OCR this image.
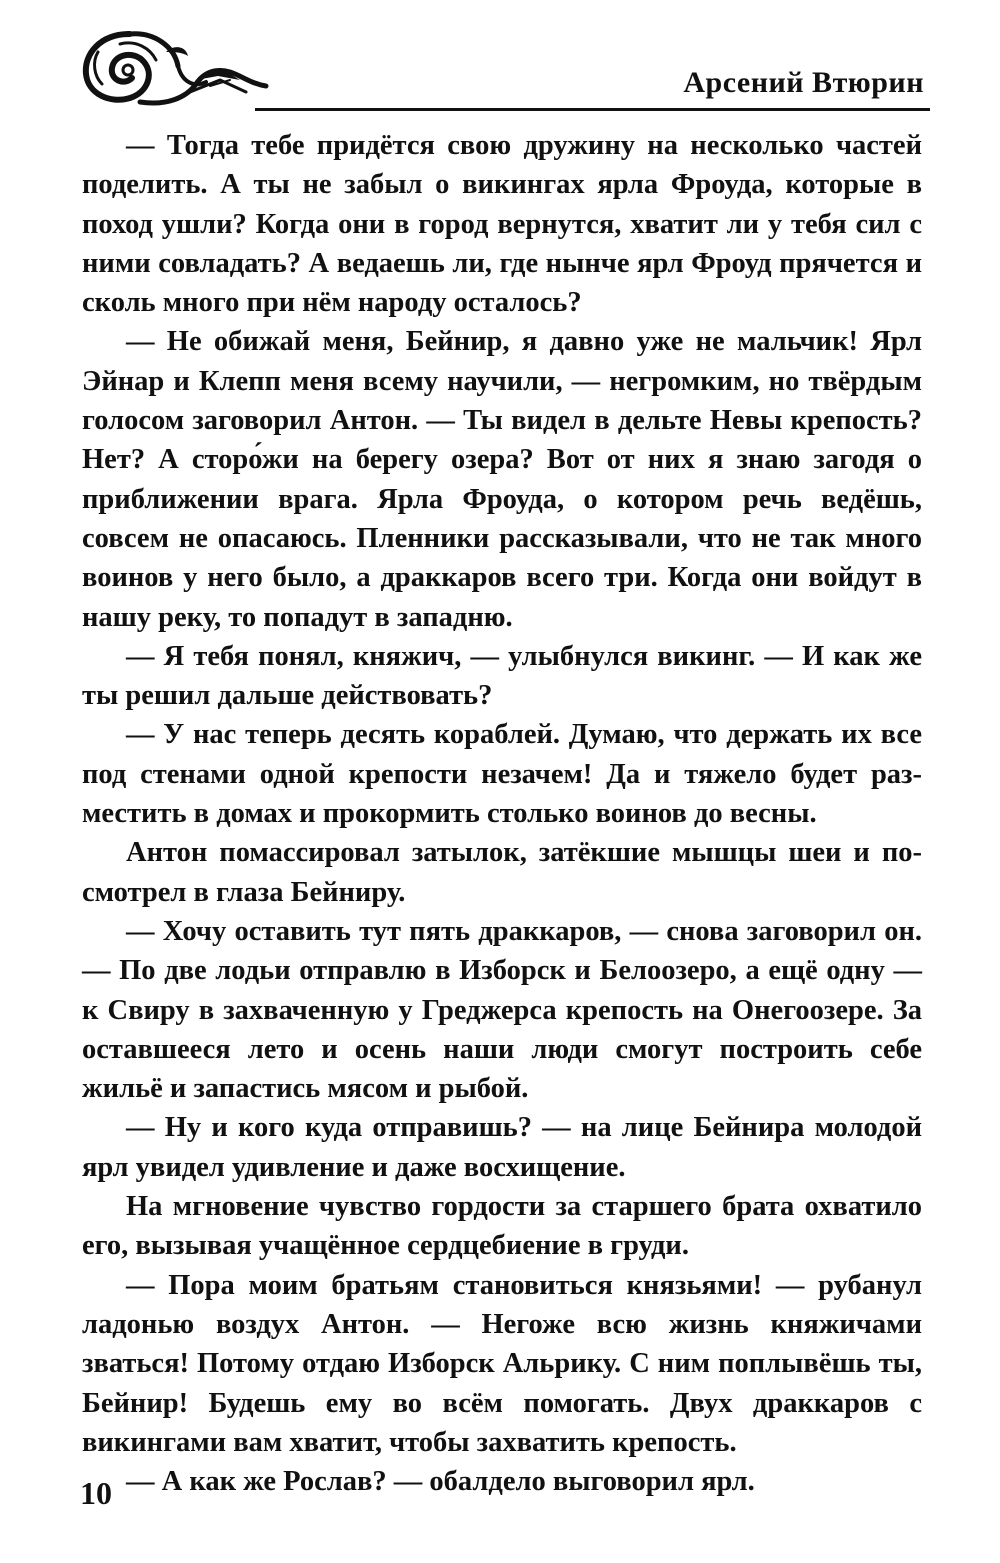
Арсений Втюрин

— Тогда тебе придётся свою дружину на несколько частей поделить. А ты не забыл о викингах ярла Фроуда, которые в поход ушли? Когда они в город вернутся, хватит ли у тебя сил с ними совладать? А ведаешь ли, где нынче ярл Фроуд прячется и сколь много при нём народу осталось?

— Не обижай меня, Бейнир, я давно уже не мальчик! Ярл Эйнар и Клепп меня всему научили, — негромким, но твёрдым голосом заговорил Антон. — Ты видел в дельте Невы крепость? Нет? А сторо́жи на берегу озера? Вот от них я знаю загодя о приближении врага. Ярла Фроуда, о котором речь ведёшь, совсем не опасаюсь. Пленники рассказывали, что не так много воинов у него было, а драккаров всего три. Когда они войдут в нашу реку, то попадут в западню.

— Я тебя понял, княжич, — улыбнулся викинг. — И как же ты решил дальше действовать?

— У нас теперь десять кораблей. Думаю, что держать их все под стенами одной крепости незачем! Да и тяжело будет разместить в домах и прокормить столько воинов до весны.

Антон помассировал затылок, затёкшие мышцы шеи и посмотрел в глаза Бейниру.

— Хочу оставить тут пять драккаров, — снова заговорил он. — По две лодьи отправлю в Изборск и Белоозеро, а ещё одну — к Свиру в захваченную у Греджерса крепость на Онегоозере. За оставшееся лето и осень наши люди смогут построить себе жильё и запастись мясом и рыбой.

— Ну и кого куда отправишь? — на лице Бейнира молодой ярл увидел удивление и даже восхищение.

На мгновение чувство гордости за старшего брата охватило его, вызывая учащённое сердцебиение в груди.

— Пора моим братьям становиться князьями! — рубанул ладонью воздух Антон. — Негоже всю жизнь княжичами зваться! Потому отдаю Изборск Альрику. С ним поплывёшь ты, Бейнир! Будешь ему во всём помогать. Двух драккаров с викингами вам хватит, чтобы захватить крепость.

— А как же Рослав? — обалдело выговорил ярл.

10
